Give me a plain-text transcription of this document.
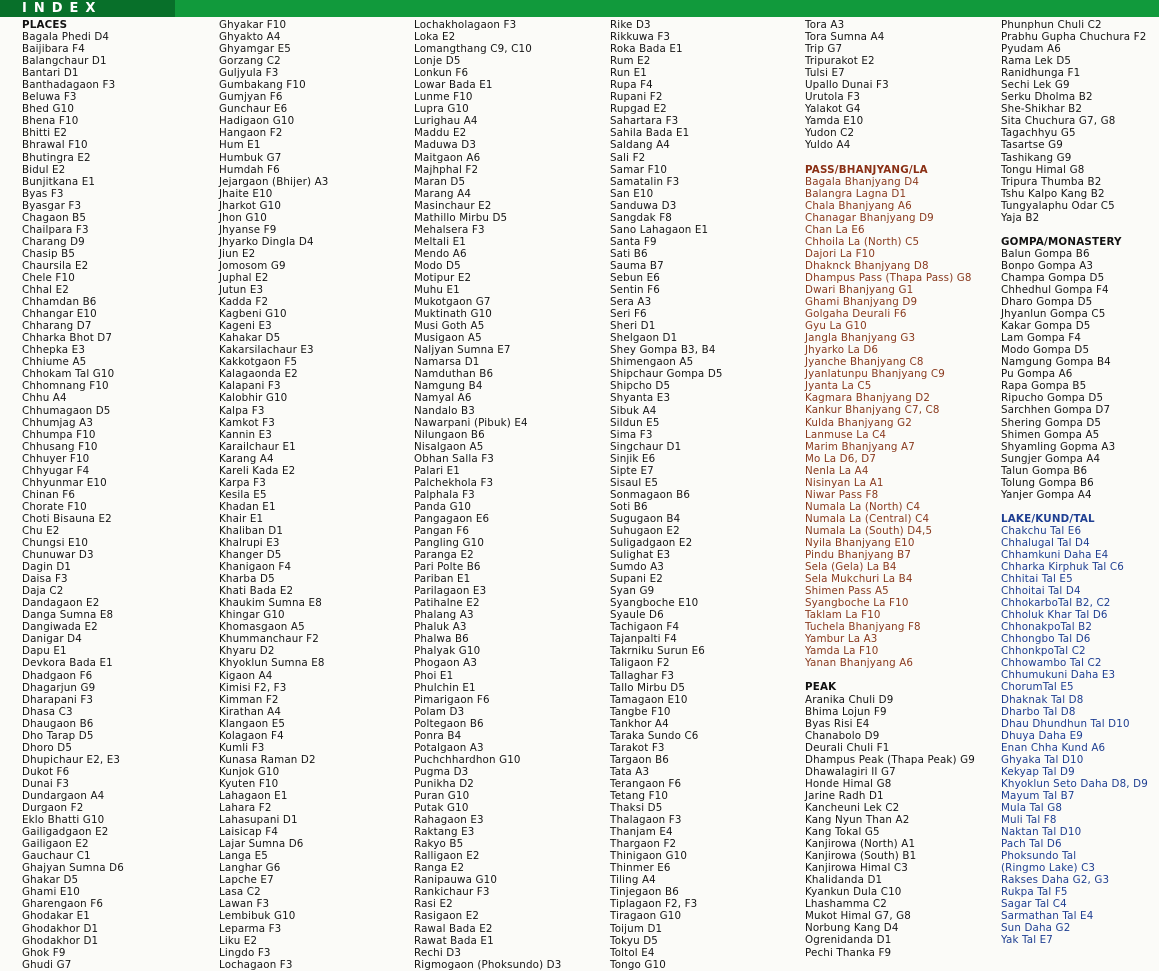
INDEX
PLACES
Bagala Phedi D4
Baijibara F4
Balangchaur D1
Bantari D1
Banthadagaon F3
Beluwa F3
Bhed G10
Bhena F10
Bhitti E2
Bhrawal F10
Bhutingra E2
Bidul E2
Bunjitkana E1
Byas F3
Byasgar F3
Chagaon B5
Chailpara F3
Charang D9
Chasip B5
Chaursila E2
Chele F10
Chhal E2
Chhamdan B6
Chhangar E10
Chharang D7
Chharka Bhot D7
Chhepka E3
Chhiume A5
Chhokam Tal G10
Chhomnang F10
Chhu A4
Chhumagaon D5
Chhumjag A3
Chhumpa F10
Chhusang F10
Chhuyer F10
Chhyugar F4
Chhyunmar E10
Chinan F6
Chorate F10
Choti Bisauna E2
Chu E2
Chungsi E10
Chunuwar D3
Dagin D1
Daisa F3
Daja C2
Dandagaon E2
Danga Sumna E8
Dangiwada E2
Danigar D4
Dapu E1
Devkora Bada E1
Dhadgaon F6
Dhagarjun G9
Dharapani F3
Dhasa C3
Dhaugaon B6
Dho Tarap D5
Dhoro D5
Dhupichaur E2, E3
Dukot F6
Dunai F3
Dundargaon A4
Durgaon F2
Eklo Bhatti G10
Gailigadgaon E2
Gailigaon E2
Gauchaur C1
Ghajyan Sumna D6
Ghakar D5
Ghami E10
Gharengaon F6
Ghodakar E1
Ghodakhor D1
Ghodakhor D1
Ghok F9
Ghudi G7
Ghyakar F10
Ghyakto A4
Ghyamgar E5
Gorzang C2
Guljyula F3
Gumbakang F10
Gumjyan F6
Gunchaur E6
Hadigaon G10
Hangaon F2
Hum E1
Humbuk G7
Humdah F6
Jejargaon (Bhijer) A3
Jhaite E10
Jharkot G10
Jhon G10
Jhyanse F9
Jhyarko Dingla D4
Jiun E2
Jomosom G9
Juphal E2
Jutun E3
Kadda F2
Kagbeni G10
Kageni E3
Kahakar D5
Kakarsilachaur E3
Kakkotgaon F5
Kalagaonda E2
Kalapani F3
Kalobhir G10
Kalpa F3
Kamkot F3
Kannin E3
Karailchaur E1
Karang A4
Kareli Kada E2
Karpa F3
Kesila E5
Khadan E1
Khair E1
Khaliban D1
Khalrupi E3
Khanger D5
Khanigaon F4
Kharba D5
Khati Bada E2
Khaukim Sumna E8
Khingar G10
Khomasgaon A5
Khummanchaur F2
Khyaru D2
Khyoklun Sumna E8
Kigaon A4
Kimisi F2, F3
Kimman F2
Kirathan A4
Klangaon E5
Kolagaon F4
Kumli F3
Kunasa Raman D2
Kunjok G10
Kyuten F10
Lahagaon E1
Lahara F2
Lahasupani D1
Laisicap F4
Lajar Sumna D6
Langa E5
Langhar G6
Lapche E7
Lasa C2
Lawan F3
Lembibuk G10
Leparma F3
Liku E2
Lingdo F3
Lochagaon F3
Lochakholagaon F3
Loka E2
Lomangthang C9, C10
Lonje D5
Lonkun F6
Lowar Bada E1
Lunme F10
Lupra G10
Lurighau A4
Maddu E2
Maduwa D3
Maitgaon A6
Majhphal F2
Maran D5
Marang A4
Masinchaur E2
Mathillo Mirbu D5
Mehalsera F3
Meltali E1
Mendo A6
Modo D5
Motipur E2
Muhu E1
Mukotgaon G7
Muktinath G10
Musi Goth A5
Musigaon A5
Naljyan Sumna E7
Namarsa D1
Namduthan B6
Namgung B4
Namyal A6
Nandalo B3
Nawarpani (Pibuk) E4
Nilungaon B6
Nisalgaon A5
Obhan Salla F3
Palari E1
Palchekhola F3
Palphala F3
Panda G10
Pangagaon E6
Pangan F6
Pangling G10
Paranga E2
Pari Polte B6
Pariban E1
Parilagaon E3
Patihalne E2
Phalang A3
Phaluk A3
Phalwa B6
Phalyak G10
Phogaon A3
Phoi E1
Phulchin E1
Pimarigaon F6
Polam D3
Poltegaon B6
Ponra B4
Potalgaon A3
Puchchhardhon G10
Pugma D3
Punikha D2
Puran G10
Putak G10
Rahagaon E3
Raktang E3
Rakyo B5
Ralligaon E2
Ranga E2
Ranipauwa G10
Rankichaur F3
Rasi E2
Rasigaon E2
Rawal Bada E2
Rawat Bada E1
Rechi D3
Rigmogaon (Phoksundo) D3
Rike D3
Rikkuwa F3
Roka Bada E1
Rum E2
Run E1
Rupa F4
Rupani F2
Rupgad E2
Sahartara F3
Sahila Bada E1
Saldang A4
Sali F2
Samar F10
Samatalin F3
San E10
Sanduwa D3
Sangdak F8
Sano Lahagaon E1
Santa F9
Sati B6
Sauma B7
Sebun E6
Sentin F6
Sera A3
Seri F6
Sheri D1
Shelgaon D1
Shey Gompa B3, B4
Shimengaon A5
Shipchaur Gompa D5
Shipcho D5
Shyanta E3
Sibuk A4
Sildun E5
Sima F3
Singchaur D1
Sinjik E6
Sipte E7
Sisaul E5
Sonmagaon B6
Soti B6
Sugugaon B4
Suhugaon E2
Suligadgaon E2
Sulighat E3
Sumdo A3
Supani E2
Syan G9
Syangboche E10
Syaule D6
Tachigaon F4
Tajanpalti F4
Takrniku Surun E6
Taligaon F2
Tallaghar F3
Tallo Mirbu D5
Tamagaon E10
Tangbe F10
Tankhor A4
Taraka Sundo C6
Tarakot F3
Targaon B6
Tata A3
Terangaon F6
Tetang F10
Thaksi D5
Thalagaon F3
Thanjam E4
Thargaon F2
Thinigaon G10
Thinmer E6
Tiling A4
Tinjegaon B6
Tiplagaon F2, F3
Tiragaon G10
Toijum D1
Tokyu D5
Toltol E4
Tongo G10
Tora A3
Tora Sumna A4
Trip G7
Tripurakot E2
Tulsi E7
Upallo Dunai F3
Urutola F3
Yalakot G4
Yamda E10
Yudon C2
Yuldo A4
PASS/BHANJYANG/LA
Bagala Bhanjyang D4
Balangra Lagna D1
Chala Bhanjyang A6
Chanagar Bhanjyang D9
Chan La E6
Chhoila La (North) C5
Dajori La F10
Dhaknck Bhanjyang D8
Dhampus Pass (Thapa Pass) G8
Dwari Bhanjyang G1
Ghami Bhanjyang D9
Golgaha Deurali F6
Gyu La G10
Jangla Bhanjyang G3
Jhyarko La D6
Jyanche Bhanjyang C8
Jyanlatunpu Bhanjyang C9
Jyanta La C5
Kagmara Bhanjyang D2
Kankur Bhanjyang C7, C8
Kulda Bhanjyang G2
Lanmuse La C4
Marim Bhanjyang A7
Mo La D6, D7
Nenla La A4
Nisinyan La A1
Niwar Pass F8
Numala La (North) C4
Numala La (Central) C4
Numala La (South) D4,5
Nyila Bhanjyang E10
Pindu Bhanjyang B7
Sela (Gela) La B4
Sela Mukchuri La B4
Shimen Pass A5
Syangboche La F10
Taklam La F10
Tuchela Bhanjyang F8
Yambur La A3
Yamda La F10
Yanan Bhanjyang A6
PEAK
Aranika Chuli D9
Bhima Lojun F9
Byas Risi E4
Chanabolo D9
Deurali Chuli F1
Dhampus Peak (Thapa Peak) G9
Dhawalagiri II G7
Honde Himal G8
Jarine Radh D1
Kancheuni Lek C2
Kang Nyun Than A2
Kang Tokal G5
Kanjirowa (North) A1
Kanjirowa (South) B1
Kanjirowa Himal C3
Khalidanda D1
Kyankun Dula C10
Lhashamma C2
Mukot Himal G7, G8
Norbung Kang D4
Ogrenidanda D1
Pechi Thanka F9
Phunphun Chuli C2
Prabhu Gupha Chuchura F2
Pyudam A6
Rama Lek D5
Ranidhunga F1
Sechi Lek G9
Serku Dholma B2
She-Shikhar B2
Sita Chuchura G7, G8
Tagachhyu G5
Tasartse G9
Tashikang G9
Tongu Himal G8
Tripura Thumba B2
Tshu Kalpo Kang B2
Tungyalaphu Odar C5
Yaja B2
GOMPA/MONASTERY
Balun Gompa B6
Bonpo Gompa A3
Champa Gompa D5
Chhedhul Gompa F4
Dharo Gompa D5
Jhyanlun Gompa C5
Kakar Gompa D5
Lam Gompa F4
Modo Gompa D5
Namgung Gompa B4
Pu Gompa A6
Rapa Gompa B5
Ripucho Gompa D5
Sarchhen Gompa D7
Shering Gompa D5
Shimen Gompa A5
Shyamling Gopma A3
Sungjer Gompa A4
Talun Gompa B6
Tolung Gompa B6
Yanjer Gompa A4
LAKE/KUND/TAL
Chakchu Tal E6
Chhalugal Tal D4
Chhamkuni Daha E4
Chharka Kirphuk Tal C6
Chhitai Tal E5
Chhoitai Tal D4
ChhokarboTal B2, C2
Chholuk Khar Tal D6
ChhonakpoTal B2
Chhongbo Tal D6
ChhonkpoTal C2
Chhowambo Tal C2
Chhumukuni Daha E3
ChorumTal E5
Dhaknak Tal D8
Dharbo Tal D8
Dhau Dhundhun Tal D10
Dhuya Daha E9
Enan Chha Kund A6
Ghyaka Tal D10
Kekyap Tal D9
Khyoklun Seto Daha D8, D9
Mayum Tal B7
Mula Tal G8
Muli Tal F8
Naktan Tal D10
Pach Tal D6
Phoksundo Tal
(Ringmo Lake) C3
Rakses Daha G2, G3
Rukpa Tal F5
Sagar Tal C4
Sarmathan Tal E4
Sun Daha G2
Yak Tal E7
